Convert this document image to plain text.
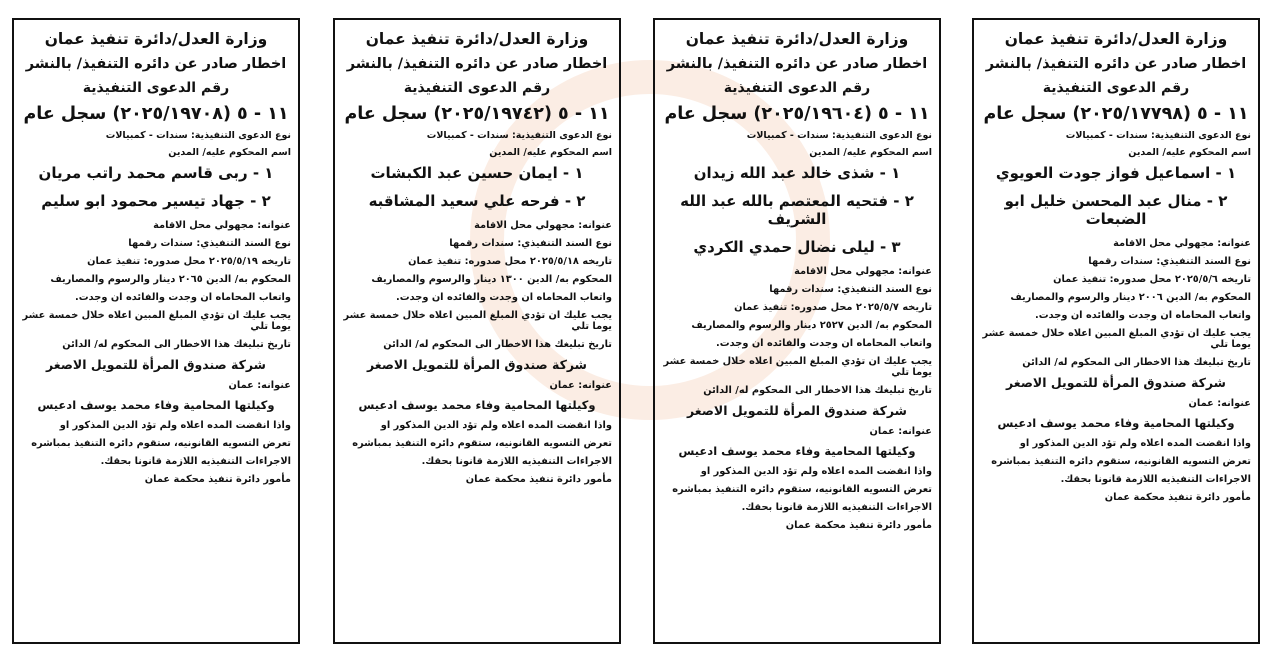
وزارة العدل/دائرة تنفيذ عمان
اخطار صادر عن دائره التنفيذ/ بالنشر
رقم الدعوى التنفيذية
١١ - ٥ (٢٠٢٥/١٧٧٩٨) سجل عام
نوع الدعوى التنفيذية: سندات - كمبيالات
اسم المحكوم عليه/ المدين
١ - اسماعيل فواز جودت العويوي
٢ - منال عبد المحسن خليل ابو الضبعات
عنوانه: مجهولي محل الاقامة
نوع السند التنفيذي: سندات رقمها
تاريخه ٢٠٢٥/٥/٦ محل صدوره: تنفيذ عمان
المحكوم به/ الدين ٢٠٠٦ دينار والرسوم والمصاريف
واتعاب المحاماه ان وجدت والفائده ان وجدت.
يجب عليك ان تؤدي المبلغ المبين اعلاه خلال خمسة عشر يوما تلي
تاريخ تبليغك هذا الاخطار الى المحكوم له/ الدائن
شركة صندوق المرأة للتمويل الاصغر
عنوانه: عمان
وكيلتها المحامية وفاء محمد يوسف ادعيس
واذا انقضت المده اعلاه ولم تؤد الدين المذكور او
تعرض التسويه القانونيه، ستقوم دائره التنفيذ بمباشره
الاجراءات التنفيذيه اللازمة قانونا بحقك.
مأمور دائرة تنفيذ محكمة عمان
وزارة العدل/دائرة تنفيذ عمان
اخطار صادر عن دائره التنفيذ/ بالنشر
رقم الدعوى التنفيذية
١١ - ٥ (٢٠٢٥/١٩٦٠٤) سجل عام
نوع الدعوى التنفيذية: سندات - كمبيالات
اسم المحكوم عليه/ المدين
١ - شذى خالد عبد الله زيدان
٢ - فتحيه المعتصم بالله عبد الله الشريف
٣ - ليلى نضال حمدي الكردي
عنوانه: مجهولي محل الاقامة
نوع السند التنفيذي: سندات رقمها
تاريخه ٢٠٢٥/٥/٧ محل صدوره: تنفيذ عمان
المحكوم به/ الدين ٢٥٢٧ دينار والرسوم والمصاريف
واتعاب المحاماه ان وجدت والفائده ان وجدت.
يجب عليك ان تؤدي المبلغ المبين اعلاه خلال خمسة عشر يوما تلي
تاريخ تبليغك هذا الاخطار الى المحكوم له/ الدائن
شركة صندوق المرأة للتمويل الاصغر
عنوانه: عمان
وكيلتها المحامية وفاء محمد يوسف ادعيس
واذا انقضت المده اعلاه ولم تؤد الدين المذكور او
تعرض التسويه القانونيه، ستقوم دائره التنفيذ بمباشره
الاجراءات التنفيذيه اللازمة قانونا بحقك.
مأمور دائرة تنفيذ محكمة عمان
وزارة العدل/دائرة تنفيذ عمان
اخطار صادر عن دائره التنفيذ/ بالنشر
رقم الدعوى التنفيذية
١١ - ٥ (٢٠٢٥/١٩٧٤٢) سجل عام
نوع الدعوى التنفيذية: سندات - كمبيالات
اسم المحكوم عليه/ المدين
١ - ايمان حسين عبد الكبشات
٢ - فرحه علي سعيد المشاقبه
عنوانه: مجهولي محل الاقامة
نوع السند التنفيذي: سندات رقمها
تاريخه ٢٠٢٥/٥/١٨ محل صدوره: تنفيذ عمان
المحكوم به/ الدين ١٣٠٠ دينار والرسوم والمصاريف
واتعاب المحاماه ان وجدت والفائده ان وجدت.
يجب عليك ان تؤدي المبلغ المبين اعلاه خلال خمسة عشر يوما تلي
تاريخ تبليغك هذا الاخطار الى المحكوم له/ الدائن
شركة صندوق المرأة للتمويل الاصغر
عنوانه: عمان
وكيلتها المحامية وفاء محمد يوسف ادعيس
واذا انقضت المده اعلاه ولم تؤد الدين المذكور او
تعرض التسويه القانونيه، ستقوم دائره التنفيذ بمباشره
الاجراءات التنفيذيه اللازمة قانونا بحقك.
مأمور دائرة تنفيذ محكمة عمان
وزارة العدل/دائرة تنفيذ عمان
اخطار صادر عن دائره التنفيذ/ بالنشر
رقم الدعوى التنفيذية
١١ - ٥ (٢٠٢٥/١٩٧٠٨) سجل عام
نوع الدعوى التنفيذية: سندات - كمبيالات
اسم المحكوم عليه/ المدين
١ - ربى قاسم محمد راتب مريان
٢ - جهاد تيسير محمود ابو سليم
عنوانه: مجهولي محل الاقامة
نوع السند التنفيذي: سندات رقمها
تاريخه ٢٠٢٥/٥/١٩ محل صدوره: تنفيذ عمان
المحكوم به/ الدين ٢٠٦٥ دينار والرسوم والمصاريف
واتعاب المحاماه ان وجدت والفائده ان وجدت.
يجب عليك ان تؤدي المبلغ المبين اعلاه خلال خمسة عشر يوما تلي
تاريخ تبليغك هذا الاخطار الى المحكوم له/ الدائن
شركة صندوق المرأة للتمويل الاصغر
عنوانه: عمان
وكيلتها المحامية وفاء محمد يوسف ادعيس
واذا انقضت المده اعلاه ولم تؤد الدين المذكور او
تعرض التسويه القانونيه، ستقوم دائره التنفيذ بمباشره
الاجراءات التنفيذيه اللازمة قانونا بحقك.
مأمور دائرة تنفيذ محكمة عمان
